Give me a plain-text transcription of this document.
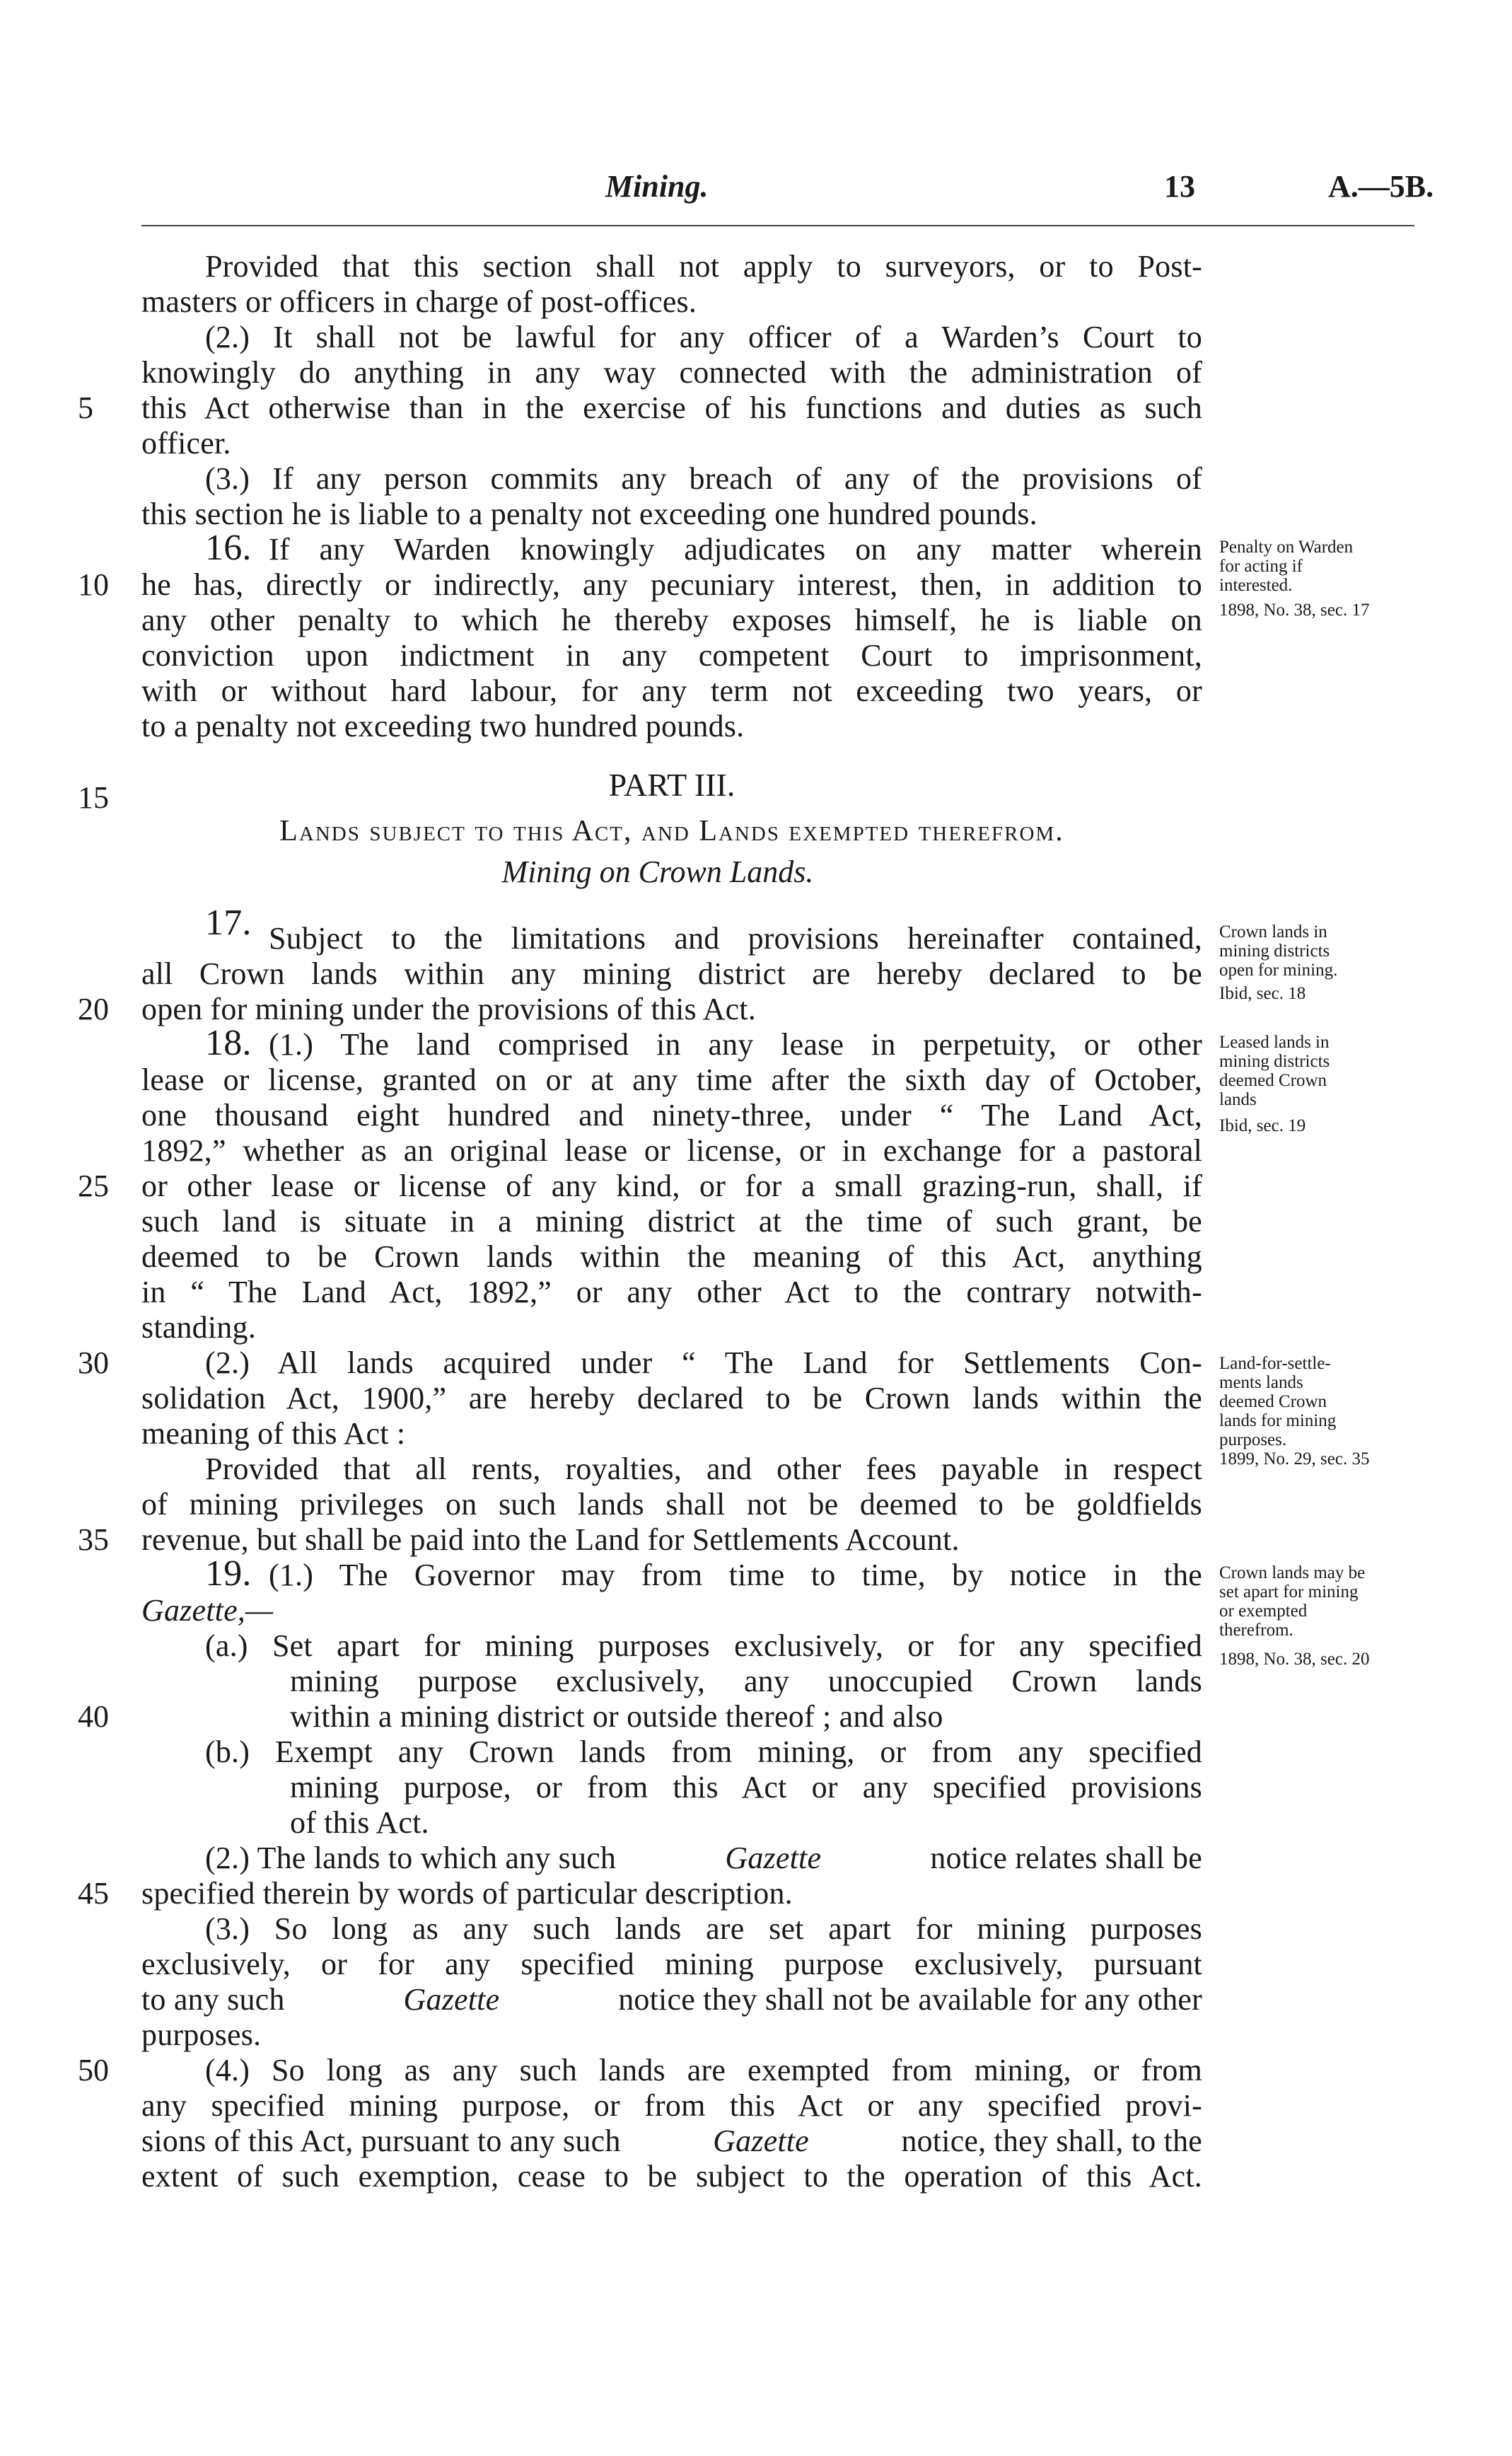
Mining.	13	A.—5B.
5
10
15
20
25
30
35
40
45
50
Provided that this section shall not apply to surveyors, or to Post-
masters or officers in charge of post-offices.
(2.) It shall not be lawful for any officer of a Warden’s Court to
knowingly do anything in any way connected with the administration of
this Act otherwise than in the exercise of his functions and duties as such
officer.
(3.) If any person commits any breach of any of the provisions of
this section he is liable to a penalty not exceeding one hundred pounds.
16. If any Warden knowingly adjudicates on any matter wherein
he has, directly or indirectly, any pecuniary interest, then, in addition to
any other penalty to which he thereby exposes himself, he is liable on
conviction upon indictment in any competent Court to imprisonment,
with or without hard labour, for any term not exceeding two years, or
to a penalty not exceeding two hundred pounds.
PART III.
Lands subject to this Act, and Lands exempted therefrom.
Mining on Crown Lands.
17. Subject to the limitations and provisions hereinafter contained,
all Crown lands within any mining district are hereby declared to be
open for mining under the provisions of this Act.
18. (1.) The land comprised in any lease in perpetuity, or other
lease or license, granted on or at any time after the sixth day of October,
one thousand eight hundred and ninety-three, under “ The Land Act,
1892,” whether as an original lease or license, or in exchange for a pastoral
or other lease or license of any kind, or for a small grazing-run, shall, if
such land is situate in a mining district at the time of such grant, be
deemed to be Crown lands within the meaning of this Act, anything
in “ The Land Act, 1892,” or any other Act to the contrary notwith-
standing.
(2.) All lands acquired under “ The Land for Settlements Con-
solidation Act, 1900,” are hereby declared to be Crown lands within the
meaning of this Act :
Provided that all rents, royalties, and other fees payable in respect
of mining privileges on such lands shall not be deemed to be goldfields
revenue, but shall be paid into the Land for Settlements Account.
19. (1.) The Governor may from time to time, by notice in the
Gazette,—
(a.) Set apart for mining purposes exclusively, or for any specified
mining purpose exclusively, any unoccupied Crown lands
within a mining district or outside thereof ; and also
(b.) Exempt any Crown lands from mining, or from any specified
mining purpose, or from this Act or any specified provisions
of this Act.
(2.) The lands to which any such	Gazette	notice relates shall be
specified therein by words of particular description.
(3.) So long as any such lands are set apart for mining purposes
exclusively, or for any specified mining purpose exclusively, pursuant
to any such	Gazette	notice they shall not be available for any other
purposes.
(4.) So long as any such lands are exempted from mining, or from
any specified mining purpose, or from this Act or any specified provi-
sions of this Act, pursuant to any such	Gazette	notice, they shall, to the
extent of such exemption, cease to be subject to the operation of this Act.
Penalty on Warden
for acting if
interested.
1898, No. 38, sec. 17
Crown lands in
mining districts
open for mining.
Ibid, sec. 18
Leased lands in
mining districts
deemed Crown
lands
Ibid, sec. 19
Land-for-settle-
ments lands
deemed Crown
lands for mining
purposes.
1899, No. 29, sec. 35
Crown lands may be
set apart for mining
or exempted
therefrom.
1898, No. 38, sec. 20
